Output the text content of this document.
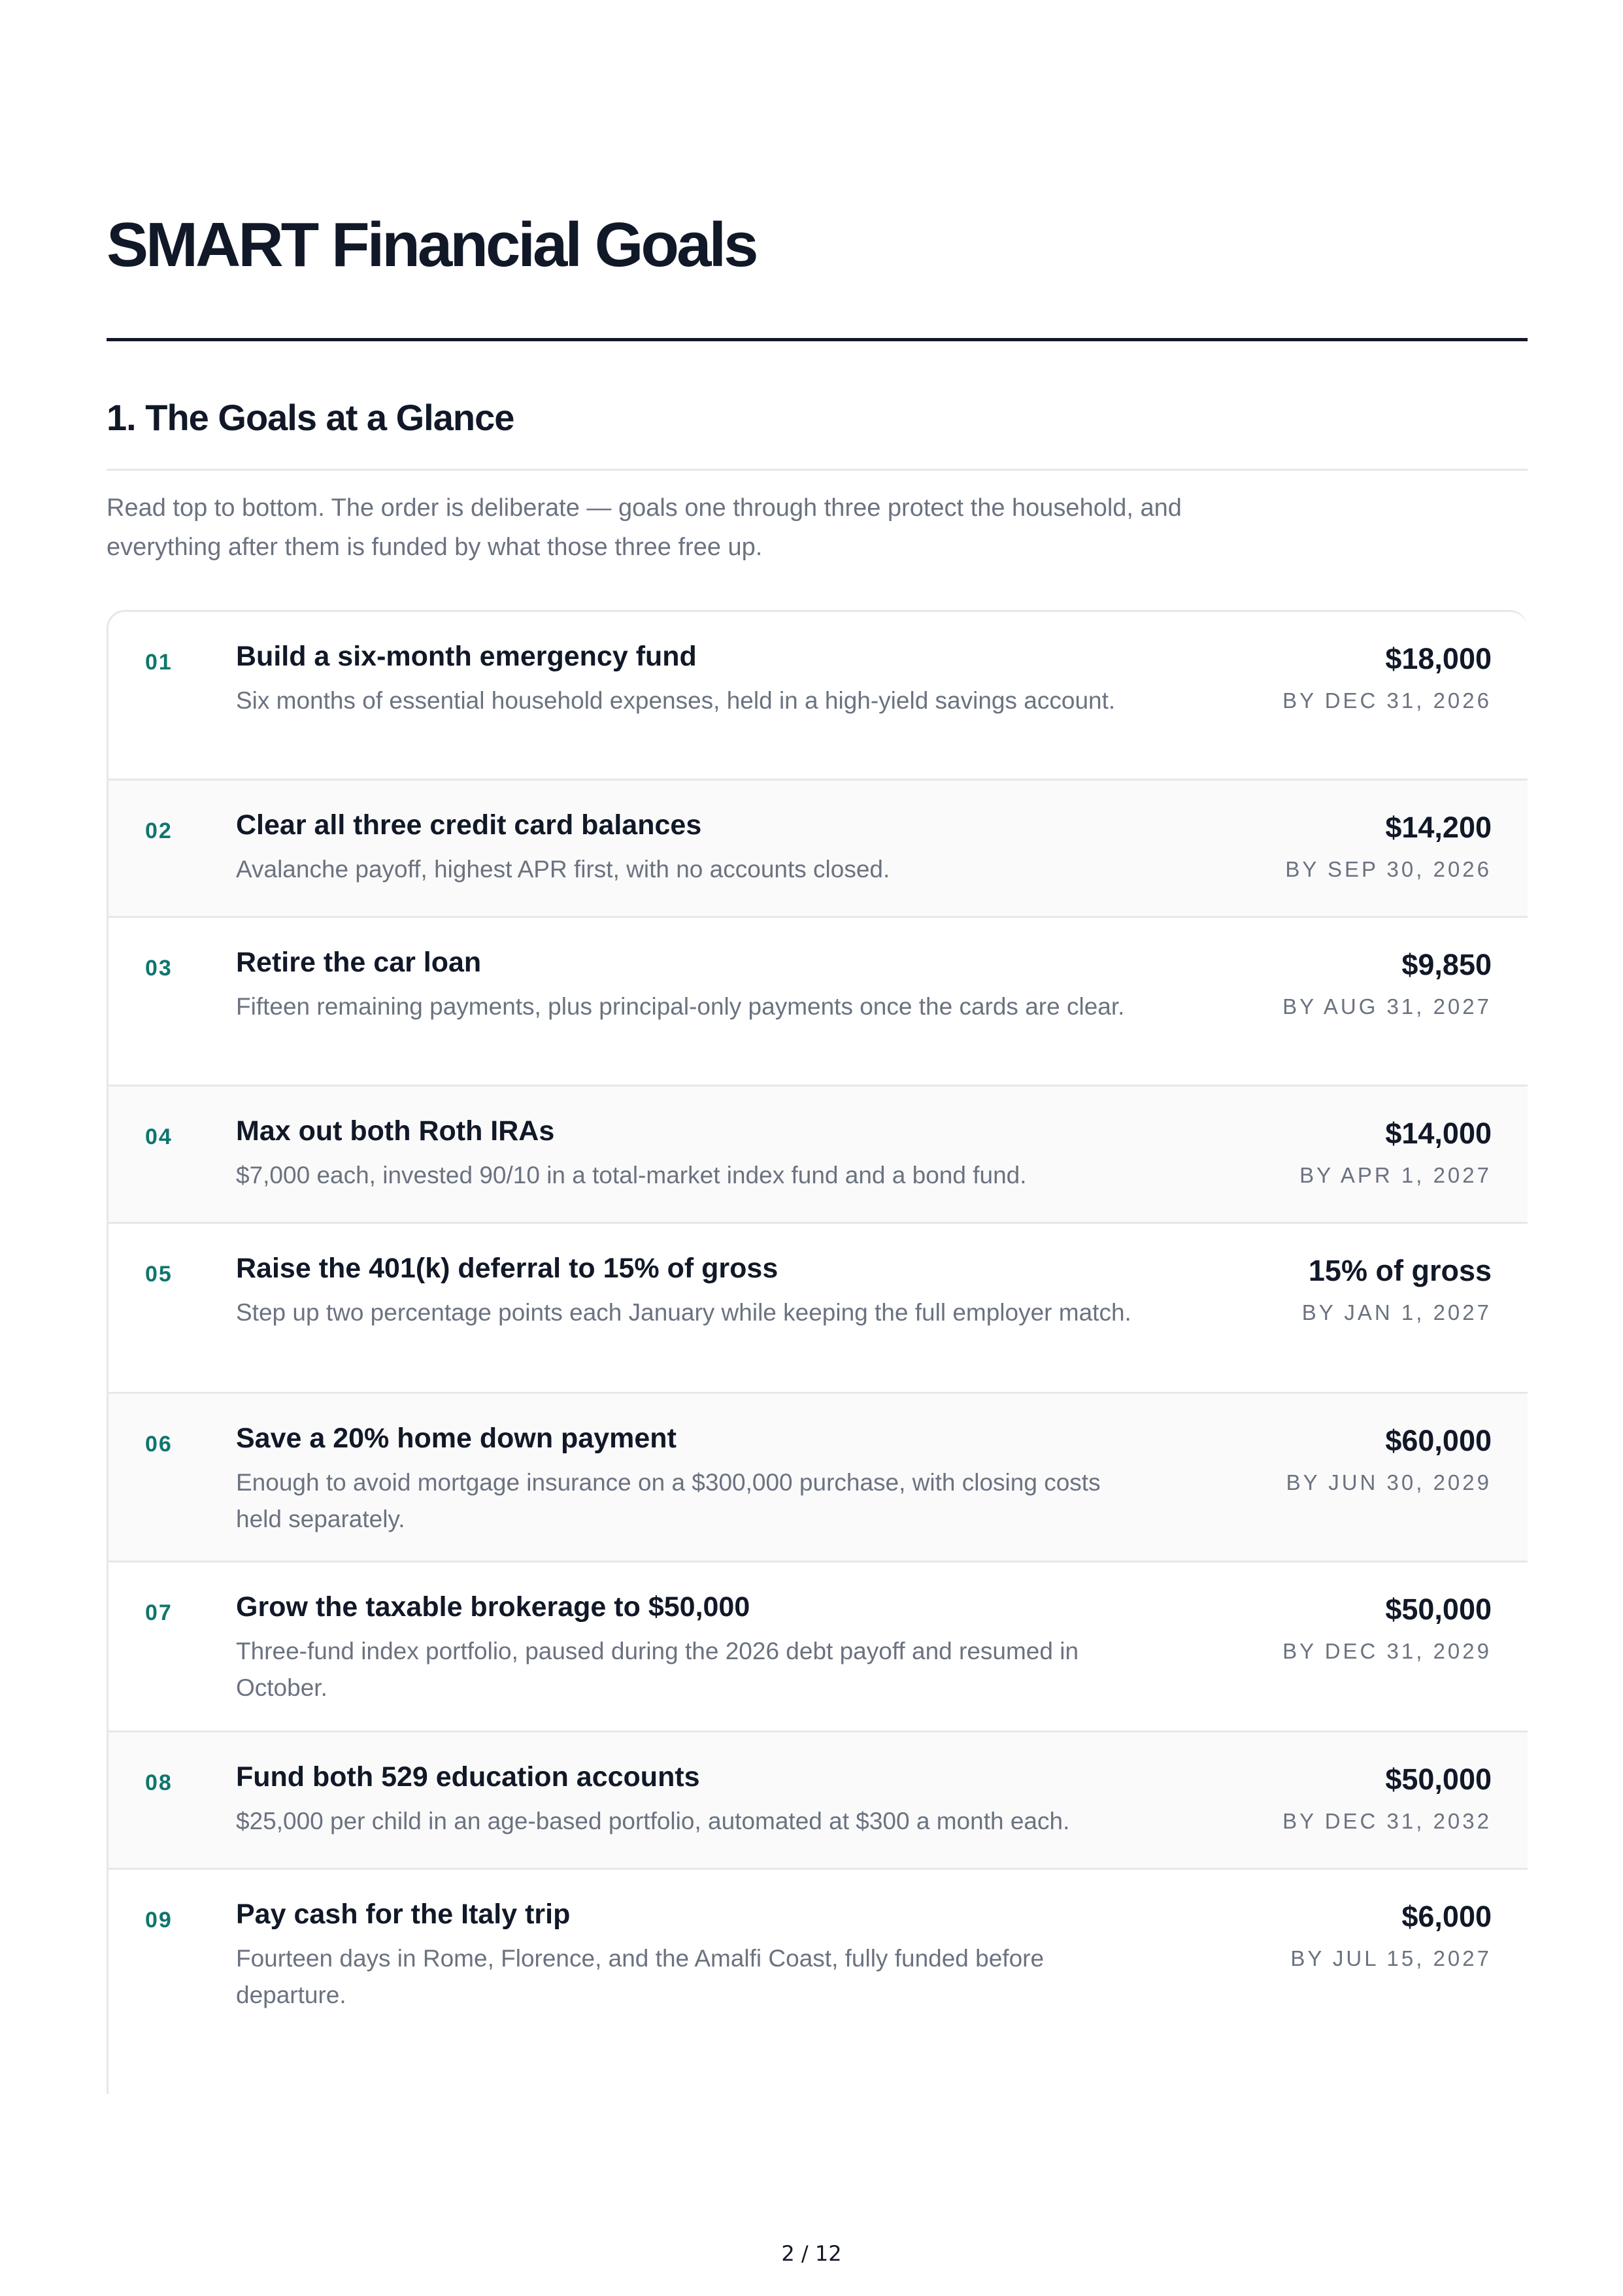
SMART Financial Goals
1. The Goals at a Glance

Read top to bottom. The order is deliberate — goals one through three protect the household, and everything after them is funded by what those three free up.

01 Build a six-month emergency fund

Six months of essential household expenses, held in a high-yield savings account.

$18,000
BY DEC 31, 2026
02 Clear all three credit card balances

Avalanche payoff, highest APR first, with no accounts closed.

$14,200
BY SEP 30, 2026
03 Retire the car loan

Fifteen remaining payments, plus principal-only payments once the cards are clear.

$9,850
BY AUG 31, 2027
04 Max out both Roth IRAs

$7,000 each, invested 90/10 in a total-market index fund and a bond fund.

$14,000
BY APR 1, 2027
05 Raise the 401(k) deferral to 15% of gross

Step up two percentage points each January while keeping the full employer match.

15% of gross
BY JAN 1, 2027
06 Save a 20% home down payment

Enough to avoid mortgage insurance on a $300,000 purchase, with closing costs held separately.

$60,000
BY JUN 30, 2029
07 Grow the taxable brokerage to $50,000

Three-fund index portfolio, paused during the 2026 debt payoff and resumed in October.

$50,000
BY DEC 31, 2029
08 Fund both 529 education accounts

$25,000 per child in an age-based portfolio, automated at $300 a month each.

$50,000
BY DEC 31, 2032
09 Pay cash for the Italy trip

Fourteen days in Rome, Florence, and the Amalfi Coast, fully funded before departure.

$6,000
BY JUL 15, 2027
2 / 12
